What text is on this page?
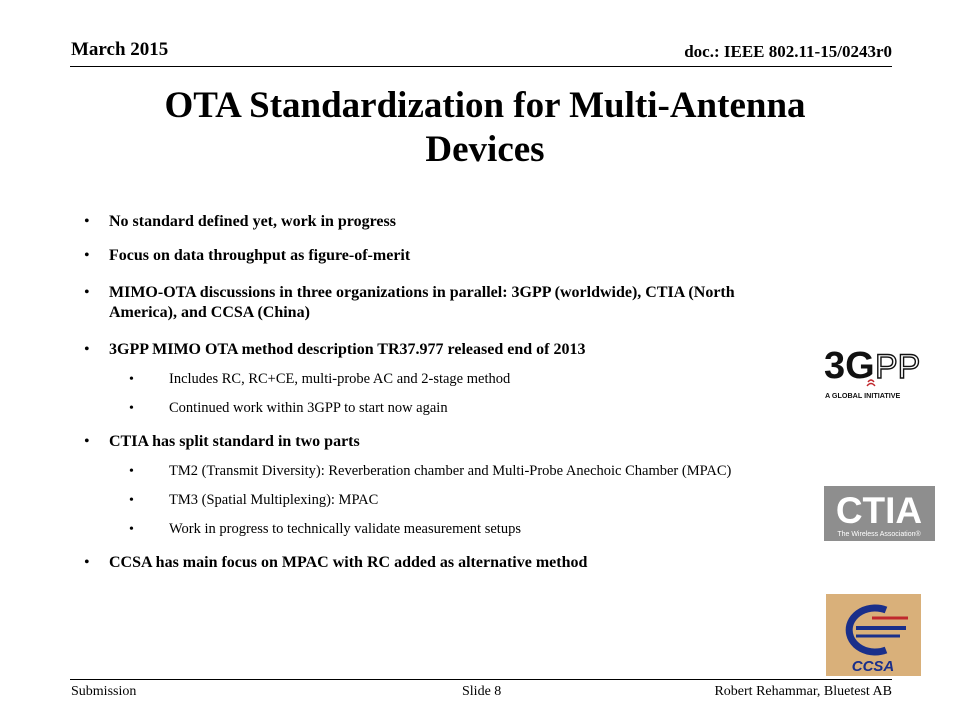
March 2015	doc.: IEEE 802.11-15/0243r0
OTA Standardization for Multi-Antenna
Devices
• No standard defined yet, work in progress
• Focus on data throughput as figure-of-merit
• MIMO-OTA discussions in three organizations in parallel: 3GPP (worldwide), CTIA (North America), and CCSA (China)
• 3GPP MIMO OTA method description TR37.977 released end of 2013
• Includes RC, RC+CE, multi-probe AC and 2-stage method
• Continued work within 3GPP to start now again
• CTIA has split standard in two parts
• TM2 (Transmit Diversity): Reverberation chamber and Multi-Probe Anechoic Chamber (MPAC)
• TM3 (Spatial Multiplexing): MPAC
• Work in progress to technically validate measurement setups
• CCSA has main focus on MPAC with RC added as alternative method
3G PP
A GLOBAL INITIATIVE
CTIA
The Wireless Association®
CCSA
Submission	Slide 8	Robert Rehammar, Bluetest AB
